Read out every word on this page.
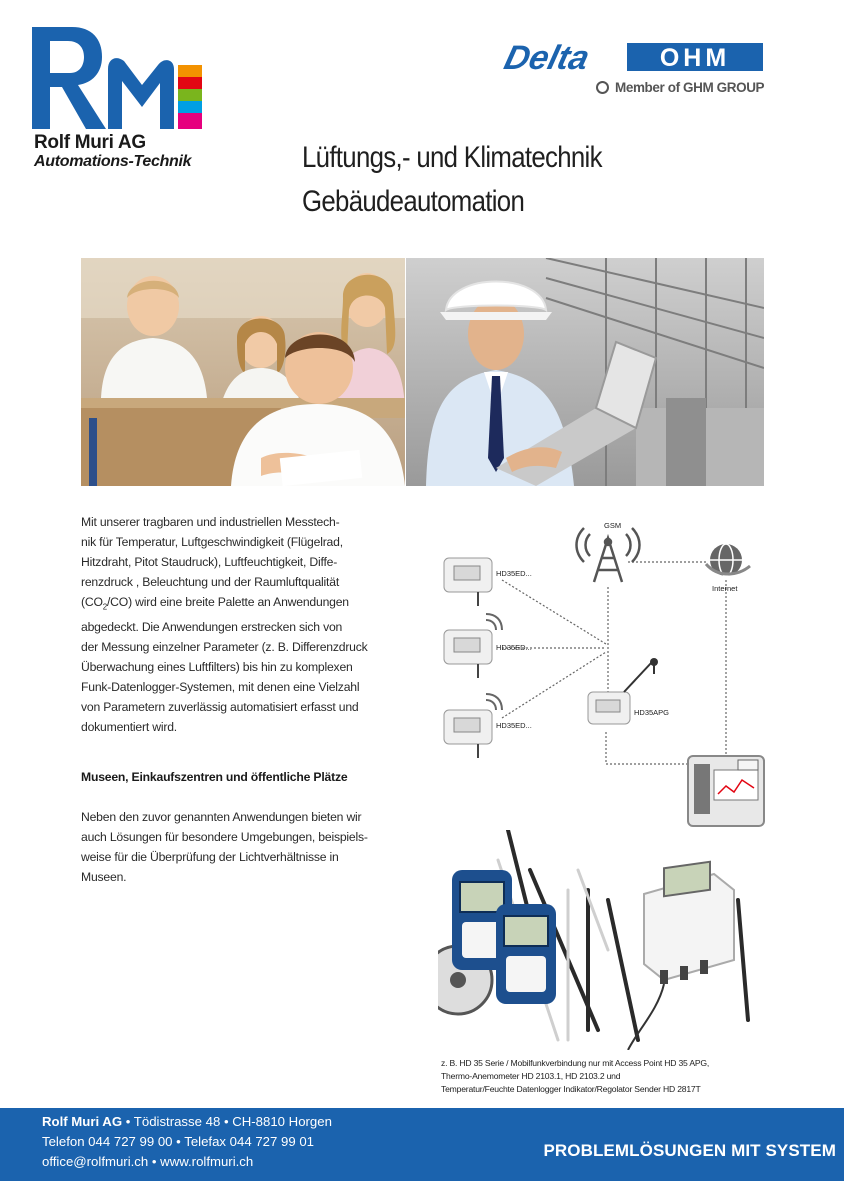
Rolf Muri AG
Automations-Technik
Delta	OHM
Member of GHM GROUP
Lüftungs,- und Klimatechnik
Gebäudeautomation
Mit unserer tragbaren und industriellen Messtech-
nik für Temperatur, Luftgeschwindigkeit (Flügelrad,
Hitzdraht, Pitot Staudruck), Luftfeuchtigkeit, Diffe-
renzdruck , Beleuchtung und der Raumluftqualität
$(CO_2/CO)$ wird eine breite Palette an Anwendungen
abgedeckt. Die Anwendungen erstrecken sich von
der Messung einzelner Parameter (z. B. Differenzdruck
Überwachung eines Luftfilters) bis hin zu komplexen
Funk-Datenlogger-Systemen, mit denen eine Vielzahl
von Parametern zuverlässig automatisiert erfasst und
dokumentiert wird.
Museen, Einkaufszentren und öffentliche Plätze
Neben den zuvor genannten Anwendungen bieten wir
auch Lösungen für besondere Umgebungen, beispiels-
weise für die Überprüfung der Lichtverhältnisse in
Museen.
GSM
Internet
HD35ED...
HD35ED...
HD35ED...
HD35APG
z. B. HD 35 Serie / Mobilfunkverbindung nur mit Access Point HD 35 APG,
Thermo-Anemometer HD 2103.1, HD 2103.2 und
Temperatur/Feuchte Datenlogger Indikator/Regolator Sender HD 2817T
Rolf Muri AG • Tödistrasse 48 • CH-8810 Horgen
Telefon 044 727 99 00 • Telefax 044 727 99 01
office@rolfmuri.ch • www.rolfmuri.ch
PROBLEMLÖSUNGEN MIT SYSTEM
